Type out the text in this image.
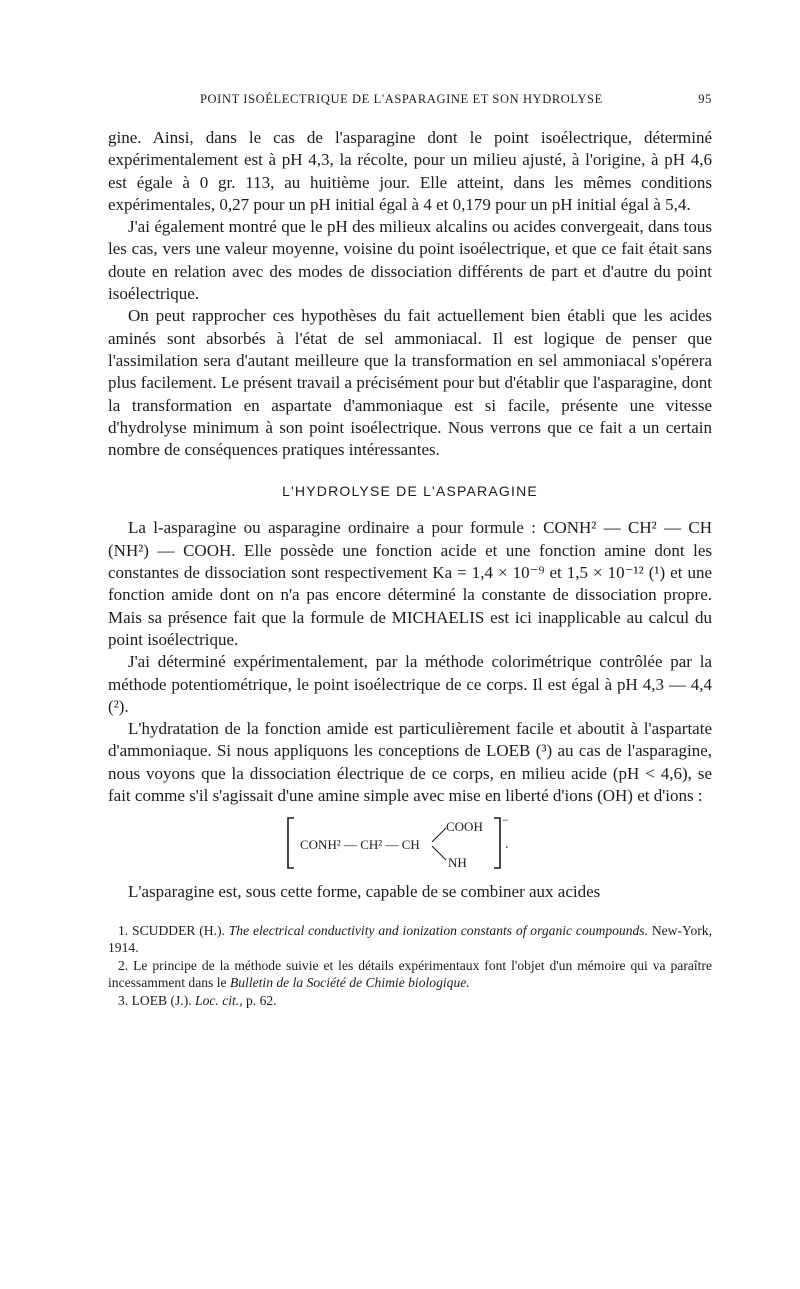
POINT ISOÉLECTRIQUE DE L'ASPARAGINE ET SON HYDROLYSE	95

gine. Ainsi, dans le cas de l'asparagine dont le point isoélectrique, déterminé expérimentalement est à pH 4,3, la récolte, pour un milieu ajusté, à l'origine, à pH 4,6 est égale à 0 gr. 113, au huitième jour. Elle atteint, dans les mêmes conditions expérimentales, 0,27 pour un pH initial égal à 4 et 0,179 pour un pH initial égal à 5,4.

J'ai également montré que le pH des milieux alcalins ou acides convergeait, dans tous les cas, vers une valeur moyenne, voisine du point isoélectrique, et que ce fait était sans doute en relation avec des modes de dissociation différents de part et d'autre du point isoélectrique.

On peut rapprocher ces hypothèses du fait actuellement bien établi que les acides aminés sont absorbés à l'état de sel ammoniacal. Il est logique de penser que l'assimilation sera d'autant meilleure que la transformation en sel ammoniacal s'opérera plus facilement. Le présent travail a précisément pour but d'établir que l'asparagine, dont la transformation en aspartate d'ammoniaque est si facile, présente une vitesse d'hydrolyse minimum à son point isoélectrique. Nous verrons que ce fait a un certain nombre de conséquences pratiques intéressantes.

L'HYDROLYSE DE L'ASPARAGINE

La l-asparagine ou asparagine ordinaire a pour formule : CONH² — CH² — CH (NH²) — COOH. Elle possède une fonction acide et une fonction amine dont les constantes de dissociation sont respectivement Ka = 1,4 × 10⁻⁹ et 1,5 × 10⁻¹² (¹) et une fonction amide dont on n'a pas encore déterminé la constante de dissociation propre. Mais sa présence fait que la formule de MICHAELIS est ici inapplicable au calcul du point isoélectrique.

J'ai déterminé expérimentalement, par la méthode colorimétrique contrôlée par la méthode potentiométrique, le point isoélectrique de ce corps. Il est égal à pH 4,3 — 4,4 (²).

L'hydratation de la fonction amide est particulièrement facile et aboutit à l'aspartate d'ammoniaque. Si nous appliquons les conceptions de LOEB (³) au cas de l'asparagine, nous voyons que la dissociation électrique de ce corps, en milieu acide (pH < 4,6), se fait comme s'il s'agissait d'une amine simple avec mise en liberté d'ions (OH) et d'ions :

CONH² — CH² — CH
COOH
NH
−
.

L'asparagine est, sous cette forme, capable de se combiner aux acides

1. SCUDDER (H.). The electrical conductivity and ionization constants of organic coumpounds. New-York, 1914.

2. Le principe de la méthode suivie et les détails expérimentaux font l'objet d'un mémoire qui va paraître incessamment dans le Bulletin de la Société de Chimie biologique.

3. LOEB (J.). Loc. cit., p. 62.
